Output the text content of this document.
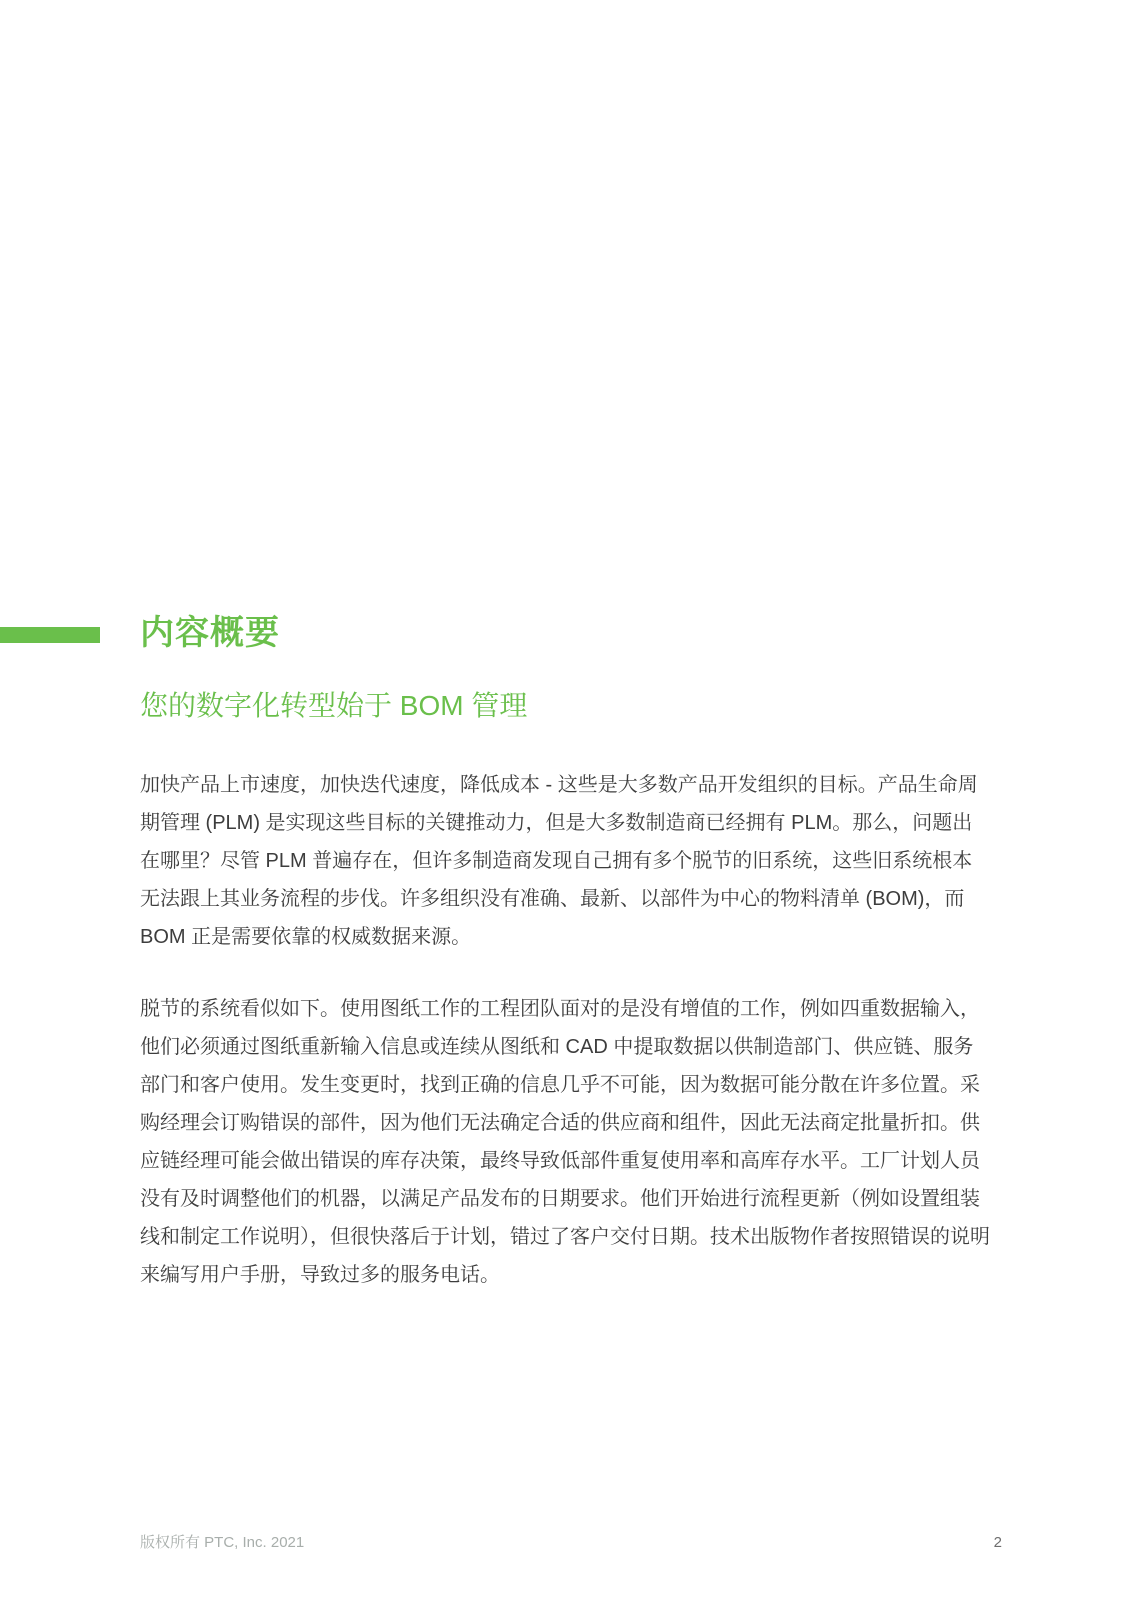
内容概要
您的数字化转型始于 BOM 管理

加快产品上市速度，加快迭代速度，降低成本 - 这些是大多数产品开发组织的目标。产品生命周期管理 (PLM) 是实现这些目标的关键推动力，但是大多数制造商已经拥有 PLM。那么，问题出在哪里？尽管 PLM 普遍存在，但许多制造商发现自己拥有多个脱节的旧系统，这些旧系统根本无法跟上其业务流程的步伐。许多组织没有准确、最新、以部件为中心的物料清单 (BOM)，而 BOM 正是需要依靠的权威数据来源。

脱节的系统看似如下。使用图纸工作的工程团队面对的是没有增值的工作，例如四重数据输入，他们必须通过图纸重新输入信息或连续从图纸和 CAD 中提取数据以供制造部门、供应链、服务部门和客户使用。发生变更时，找到正确的信息几乎不可能，因为数据可能分散在许多位置。采购经理会订购错误的部件，因为他们无法确定合适的供应商和组件，因此无法商定批量折扣。供应链经理可能会做出错误的库存决策，最终导致低部件重复使用率和高库存水平。工厂计划人员没有及时调整他们的机器，以满足产品发布的日期要求。他们开始进行流程更新（例如设置组装线和制定工作说明），但很快落后于计划，错过了客户交付日期。技术出版物作者按照错误的说明来编写用户手册，导致过多的服务电话。

版权所有 PTC, Inc. 2021	2
